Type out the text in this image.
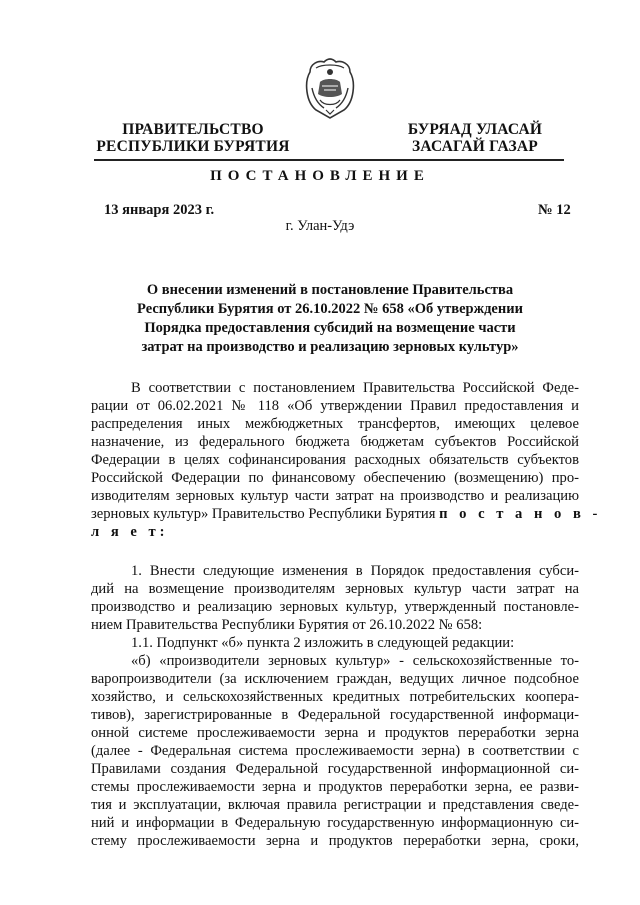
ПРАВИТЕЛЬСТВО
РЕСПУБЛИКИ БУРЯТИЯ
БУРЯАД УЛАСАЙ
ЗАСАГАЙ ГАЗАР
ПОСТАНОВЛЕНИЕ
13 января 2023 г.	№ 12
г. Улан-Удэ
О внесении изменений в постановление Правительства
Республики Бурятия от 26.10.2022 № 658 «Об утверждении
Порядка предоставления субсидий на возмещение части
затрат на производство и реализацию зерновых культур»
В соответствии с постановлением Правительства Российской Феде-
рации от 06.02.2021 № 118 «Об утверждении Правил предоставления и
распределения иных межбюджетных трансфертов, имеющих целевое
назначение, из федерального бюджета бюджетам субъектов Российской
Федерации в целях софинансирования расходных обязательств субъектов
Российской Федерации по финансовому обеспечению (возмещению) про-
изводителям зерновых культур части затрат на производство и реализацию
зерновых культур» Правительство Республики Бурятия п о с т а н о в -
л я е т:
1. Внести следующие изменения в Порядок предоставления субси-
дий на возмещение производителям зерновых культур части затрат на
производство и реализацию зерновых культур, утвержденный постановле-
нием Правительства Республики Бурятия от 26.10.2022 № 658:
1.1. Подпункт «б» пункта 2 изложить в следующей редакции:
«б) «производители зерновых культур» - сельскохозяйственные то-
варопроизводители (за исключением граждан, ведущих личное подсобное
хозяйство, и сельскохозяйственных кредитных потребительских коопера-
тивов), зарегистрированные в Федеральной государственной информаци-
онной системе прослеживаемости зерна и продуктов переработки зерна
(далее - Федеральная система прослеживаемости зерна) в соответствии с
Правилами создания Федеральной государственной информационной си-
стемы прослеживаемости зерна и продуктов переработки зерна, ее разви-
тия и эксплуатации, включая правила регистрации и представления сведе-
ний и информации в Федеральную государственную информационную си-
стему прослеживаемости зерна и продуктов переработки зерна, сроки,
